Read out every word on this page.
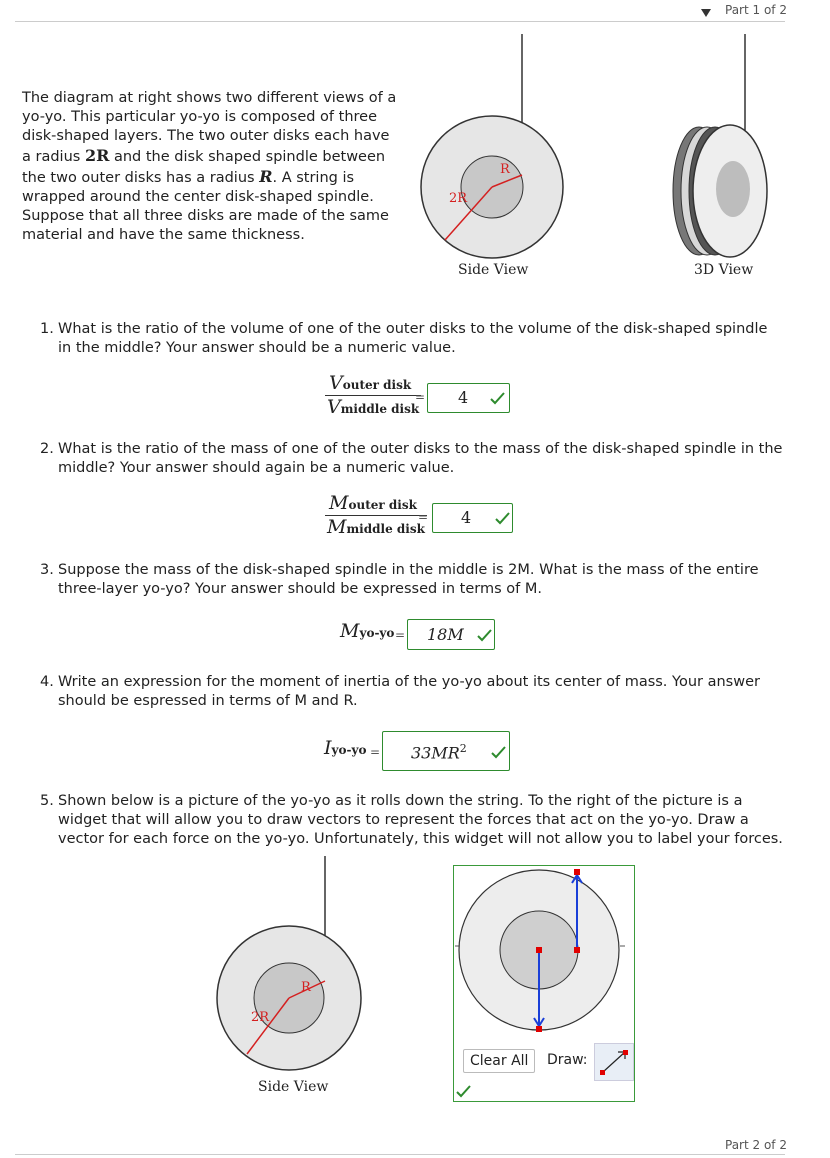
Part 1 of 2
The diagram at right shows two different views of a yo-yo. This particular yo-yo is composed of three disk-shaped layers. The two outer disks each have a radius 2R and the disk shaped spindle between the two outer disks has a radius R. A string is wrapped around the center disk-shaped spindle. Suppose that all three disks are made of the same material and have the same thickness.
R
2R
Side View	3D View
1. What is the ratio of the volume of one of the outer disks to the volume of the disk-shaped spindle in the middle? Your answer should be a numeric value.
Vouter disk
Vmiddle disk
= 4
2. What is the ratio of the mass of one of the outer disks to the mass of the disk-shaped spindle in the middle? Your answer should again be a numeric value.
Mouter disk
Mmiddle disk
= 4
3. Suppose the mass of the disk-shaped spindle in the middle is 2M. What is the mass of the entire three-layer yo-yo? Your answer should be expressed in terms of M.
Myo-yo = 18M
4. Write an expression for the moment of inertia of the yo-yo about its center of mass. Your answer should be espressed in terms of M and R.
$Iyo-yo = 33MR^2$
5. Shown below is a picture of the yo-yo as it rolls down the string. To the right of the picture is a widget that will allow you to draw vectors to represent the forces that act on the yo-yo. Draw a vector for each force on the yo-yo. Unfortunately, this widget will not allow you to label your forces.
R
2R
Side View
Clear All	Draw:
Part 2 of 2
